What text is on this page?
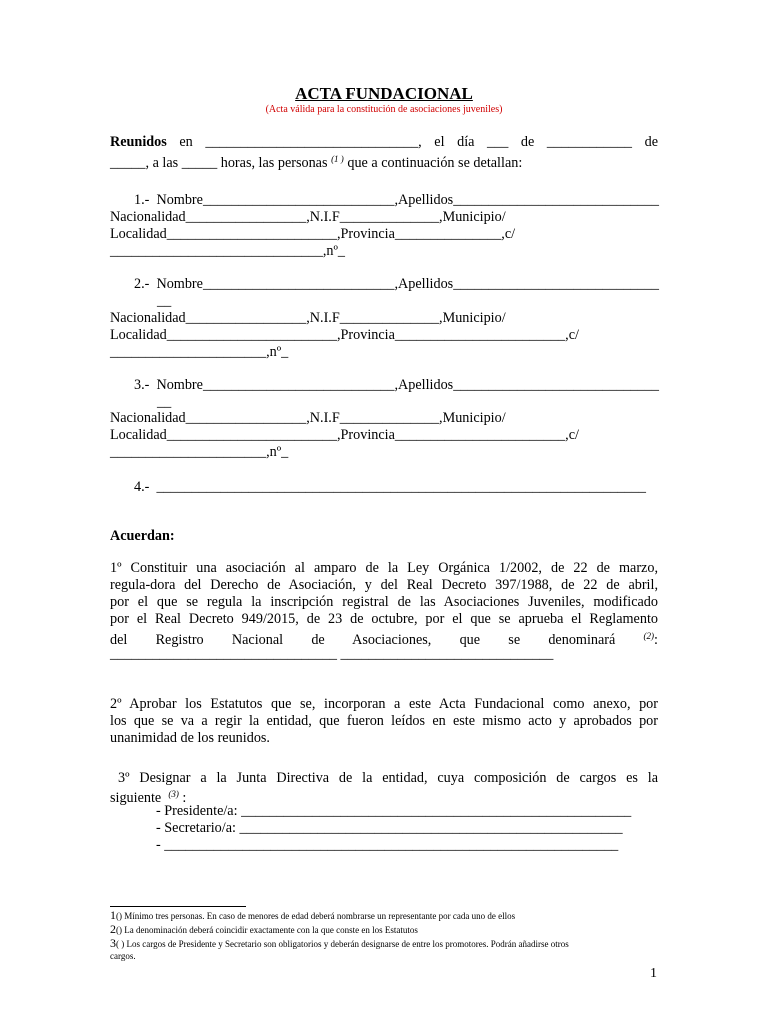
ACTA FUNDACIONAL
(Acta válida para la constitución de asociaciones juveniles)
Reunidos en ______________________________, el día ___ de ____________ de
_____, a las _____ horas, las personas $^{(1 )}$ que a continuación se detallan:
1.-  Nombre___________________________,Apellidos_____________________________
Nacionalidad_________________,N.I.F______________,Municipio/
Localidad________________________,Provincia_______________,c/
______________________________,nº_
2.-  Nombre___________________________,Apellidos_____________________________
__
Nacionalidad_________________,N.I.F______________,Municipio/
Localidad________________________,Provincia________________________,c/
______________________,nº_
3.-  Nombre___________________________,Apellidos_____________________________
__
Nacionalidad_________________,N.I.F______________,Municipio/
Localidad________________________,Provincia________________________,c/
______________________,nº_
4.-  _____________________________________________________________________
Acuerdan:
1º Constituir una asociación al amparo de la Ley Orgánica 1/2002, de 22 de marzo,
regula-dora del Derecho de Asociación, y del Real Decreto 397/1988, de 22 de abril,
por el que se regula la inscripción registral de las Asociaciones Juveniles, modificado
por el Real Decreto 949/2015, de 23 de octubre, por el que se aprueba el Reglamento
del Registro Nacional de Asociaciones, que se denominará	$^{(2)}$:
________________________________ ______________________________
2º Aprobar los Estatutos que se, incorporan a este Acta Fundacional como anexo, por
los que se va a regir la entidad, que fueron leídos en este mismo acto y aprobados por
unanimidad de los reunidos.
3º Designar a la Junta Directiva de la entidad, cuya composición de cargos es la
siguiente  $^{(3)}$ :
- Presidente/a: _______________________________________________________
- Secretario/a: ______________________________________________________
- ________________________________________________________________
1() Mínimo tres personas. En caso de menores de edad deberá nombrarse un representante por cada uno de ellos
2() La denominación deberá coincidir exactamente con la que conste en los Estatutos
3( ) Los cargos de Presidente y Secretario son obligatorios y deberán designarse de entre los promotores. Podrán añadirse otros
cargos.
1
